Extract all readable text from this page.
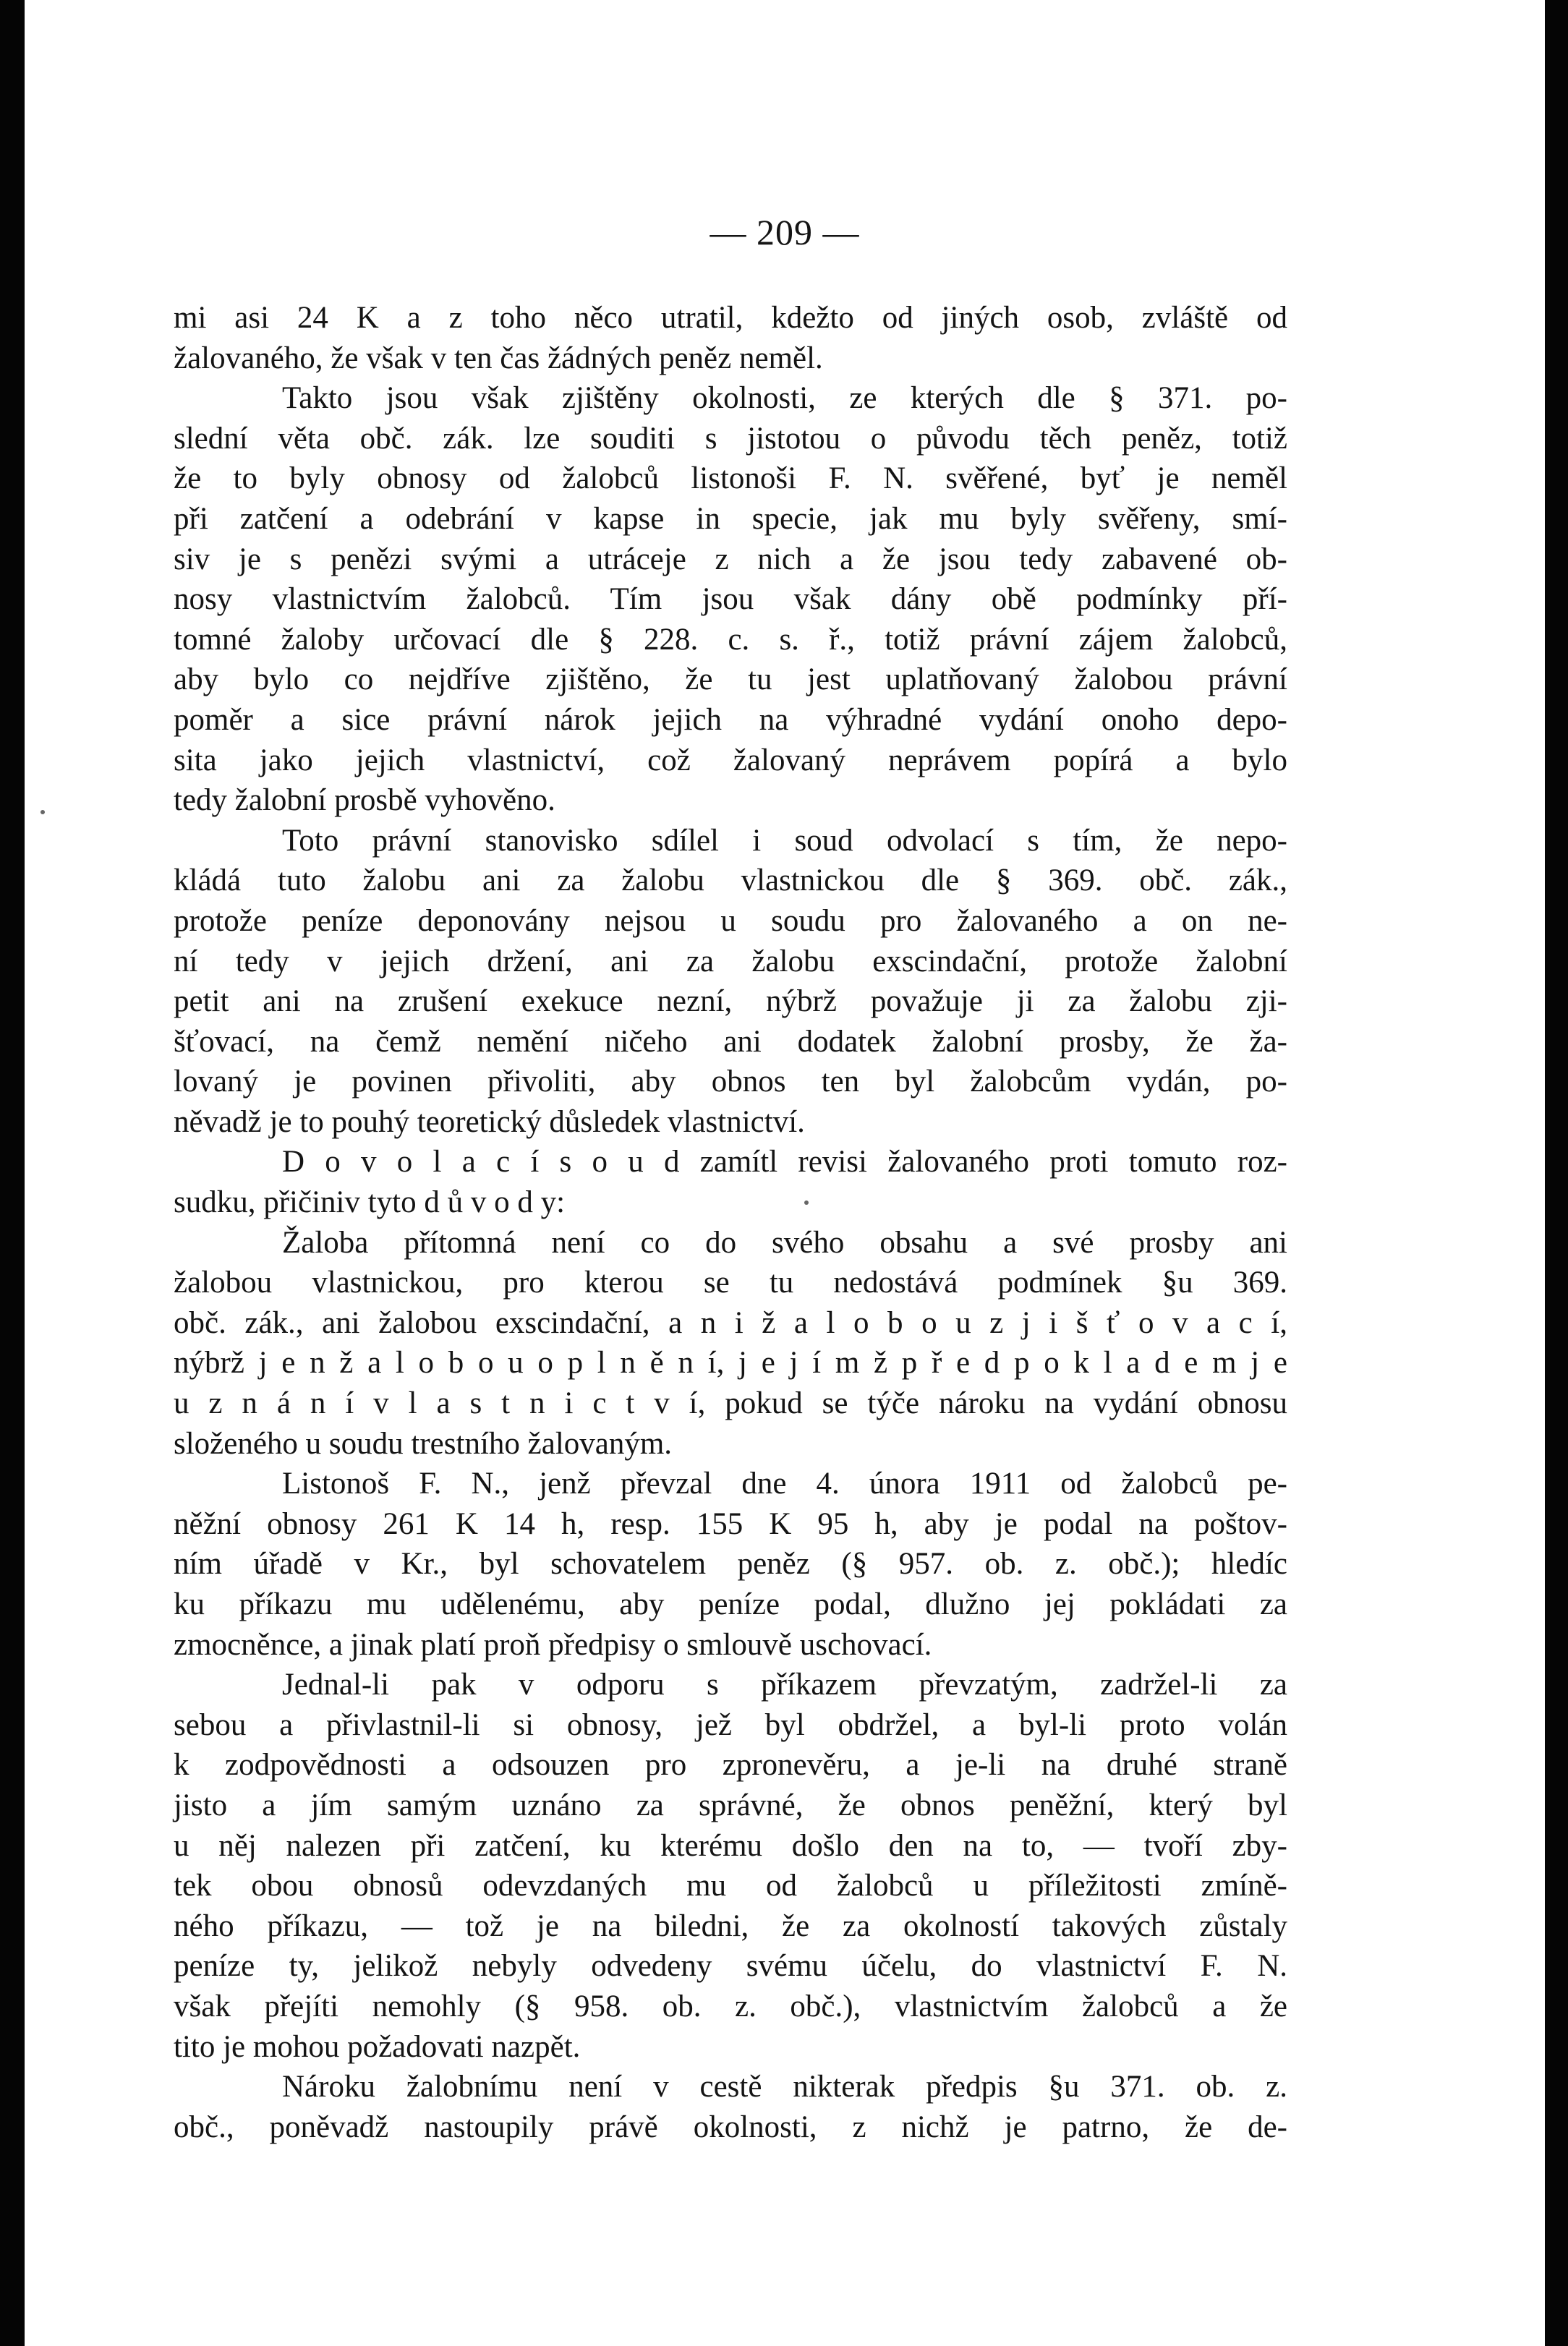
— 209 —
mi asi 24 K a z toho něco utratil, kdežto od jiných osob, zvláště od
žalovaného, že však v ten čas žádných peněz neměl.
Takto jsou však zjištěny okolnosti, ze kterých dle § 371. po-
slední věta obč. zák. lze souditi s jistotou o původu těch peněz, totiž
že to byly obnosy od žalobců listonoši F. N. svěřené, byť je neměl
při zatčení a odebrání v kapse in specie, jak mu byly svěřeny, smí-
siv je s penězi svými a utráceje z nich a že jsou tedy zabavené ob-
nosy vlastnictvím žalobců. Tím jsou však dány obě podmínky pří-
tomné žaloby určovací dle § 228. c. s. ř., totiž právní zájem žalobců,
aby bylo co nejdříve zjištěno, že tu jest uplatňovaný žalobou právní
poměr a sice právní nárok jejich na výhradné vydání onoho depo-
sita jako jejich vlastnictví, což žalovaný neprávem popírá a bylo
tedy žalobní prosbě vyhověno.
Toto právní stanovisko sdílel i soud odvolací s tím, že nepo-
kládá tuto žalobu ani za žalobu vlastnickou dle § 369. obč. zák.,
protože peníze deponovány nejsou u soudu pro žalovaného a on ne-
ní tedy v jejich držení, ani za žalobu exscindační, protože žalobní
petit ani na zrušení exekuce nezní, nýbrž považuje ji za žalobu zji-
šťovací, na čemž nemění ničeho ani dodatek žalobní prosby, že ža-
lovaný je povinen přivoliti, aby obnos ten byl žalobcům vydán, po-
něvadž je to pouhý teoretický důsledek vlastnictví.
D o v o l a c í s o u d zamítl revisi žalovaného proti tomuto roz-
sudku, přičiniv tyto d ů v o d y:
Žaloba přítomná není co do svého obsahu a své prosby ani
žalobou vlastnickou, pro kterou se tu nedostává podmínek §u 369.
obč. zák., ani žalobou exscindační, a n i ž a l o b o u z j i š ť o v a c í,
nýbrž j e n ž a l o b o u o p l n ě n í, j e j í m ž p ř e d p o k l a d e m j e
u z n á n í v l a s t n i c t v í, pokud se týče nároku na vydání obnosu
složeného u soudu trestního žalovaným.
Listonoš F. N., jenž převzal dne 4. února 1911 od žalobců pe-
něžní obnosy 261 K 14 h, resp. 155 K 95 h, aby je podal na poštov-
ním úřadě v Kr., byl schovatelem peněz (§ 957. ob. z. obč.); hledíc
ku příkazu mu udělenému, aby peníze podal, dlužno jej pokládati za
zmocněnce, a jinak platí proň předpisy o smlouvě uschovací.
Jednal-li pak v odporu s příkazem převzatým, zadržel-li za
sebou a přivlastnil-li si obnosy, jež byl obdržel, a byl-li proto volán
k zodpovědnosti a odsouzen pro zpronevěru, a je-li na druhé straně
jisto a jím samým uznáno za správné, že obnos peněžní, který byl
u něj nalezen při zatčení, ku kterému došlo den na to, — tvoří zby-
tek obou obnosů odevzdaných mu od žalobců u příležitosti zmíně-
ného příkazu, — tož je na biledni, že za okolností takových zůstaly
peníze ty, jelikož nebyly odvedeny svému účelu, do vlastnictví F. N.
však přejíti nemohly (§ 958. ob. z. obč.), vlastnictvím žalobců a že
tito je mohou požadovati nazpět.
Nároku žalobnímu není v cestě nikterak předpis §u 371. ob. z.
obč., poněvadž nastoupily právě okolnosti, z nichž je patrno, že de-
